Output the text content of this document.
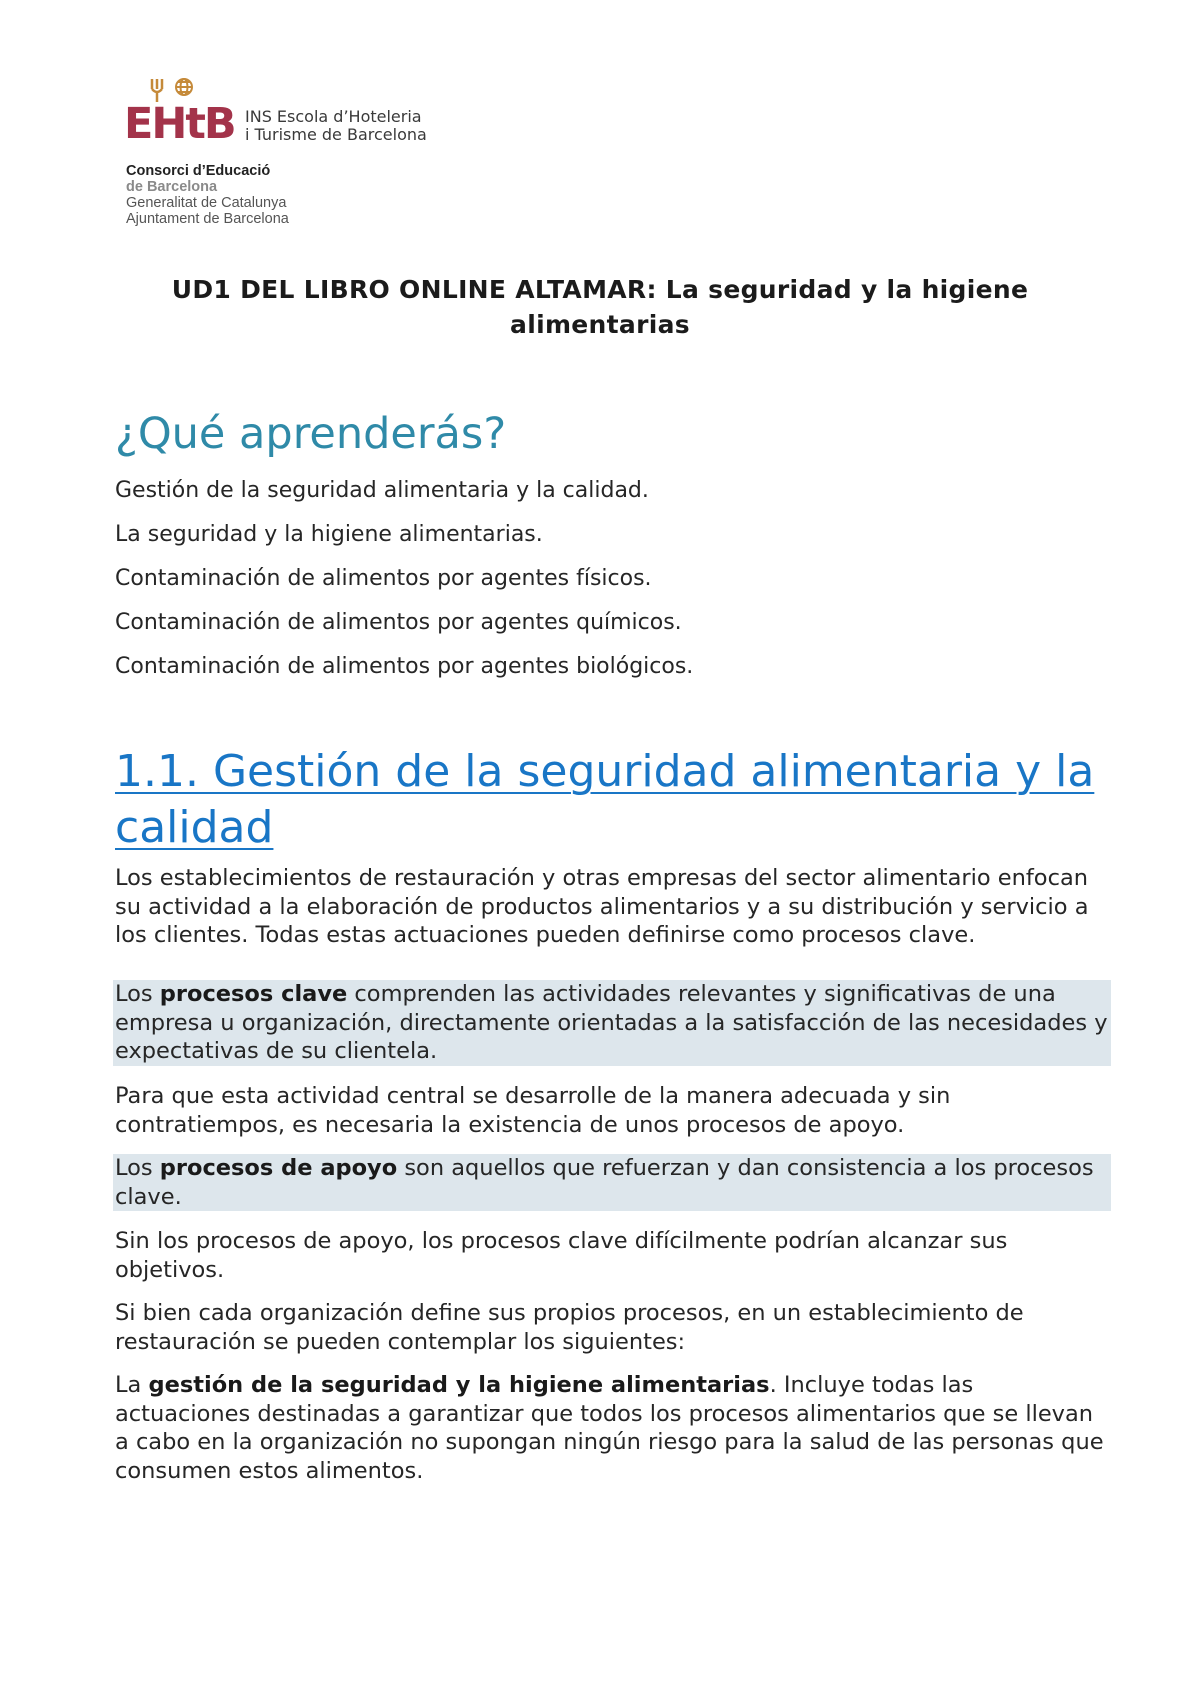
EHtB INS Escola d’Hoteleria
i Turisme de Barcelona
Consorci d’Educació
de Barcelona
Generalitat de Catalunya
Ajuntament de Barcelona
UD1 DEL LIBRO ONLINE ALTAMAR: La seguridad y la higiene alimentarias
¿Qué aprenderás?
Gestión de la seguridad alimentaria y la calidad.
La seguridad y la higiene alimentarias.
Contaminación de alimentos por agentes físicos.
Contaminación de alimentos por agentes químicos.
Contaminación de alimentos por agentes biológicos.
1.1. Gestión de la seguridad alimentaria y la calidad

Los establecimientos de restauración y otras empresas del sector alimentario enfocan su actividad a la elaboración de productos alimentarios y a su distribución y servicio a los clientes. Todas estas actuaciones pueden definirse como procesos clave.

Los procesos clave comprenden las actividades relevantes y significativas de una empresa u organización, directamente orientadas a la satisfacción de las necesidades y expectativas de su clientela.

Para que esta actividad central se desarrolle de la manera adecuada y sin contratiempos, es necesaria la existencia de unos procesos de apoyo.

Los procesos de apoyo son aquellos que refuerzan y dan consistencia a los procesos clave.

Sin los procesos de apoyo, los procesos clave difícilmente podrían alcanzar sus objetivos.

Si bien cada organización define sus propios procesos, en un establecimiento de restauración se pueden contemplar los siguientes:

La gestión de la seguridad y la higiene alimentarias. Incluye todas las actuaciones destinadas a garantizar que todos los procesos alimentarios que se llevan a cabo en la organización no supongan ningún riesgo para la salud de las personas que consumen estos alimentos.
